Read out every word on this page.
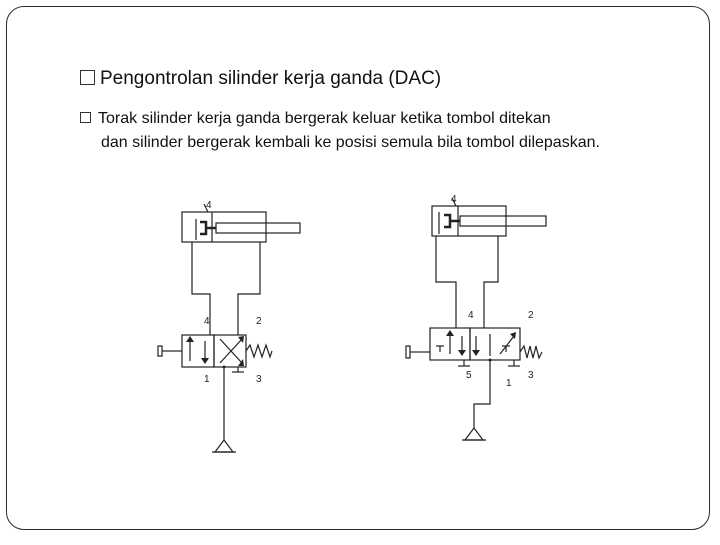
Pengontrolan silinder kerja ganda (DAC)
Torak silinder kerja ganda bergerak keluar ketika tombol ditekan
dan silinder bergerak kembali ke posisi semula bila tombol dilepaskan.
4
4	2
1	3
4
4	2
5
1
3
